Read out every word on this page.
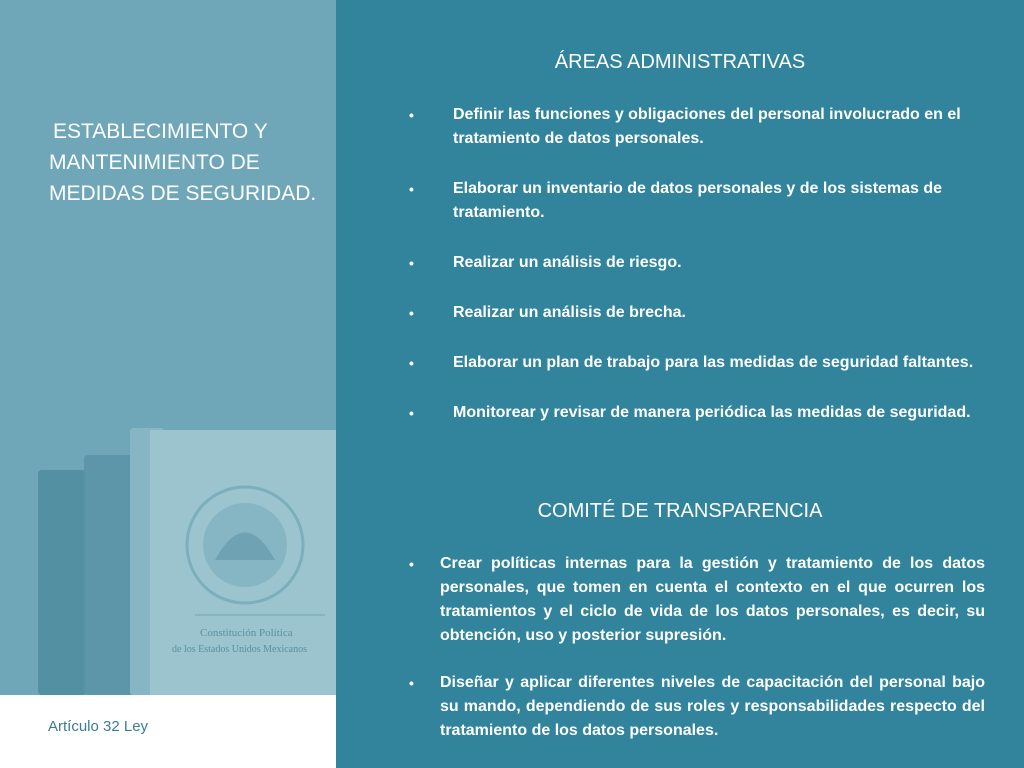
Constitución Política
de los Estados Unidos Mexicanos
ESTABLECIMIENTO Y MANTENIMIENTO DE MEDIDAS DE SEGURIDAD.
Artículo 32 Ley
ÁREAS ADMINISTRATIVAS
• Definir las funciones y obligaciones del personal involucrado en el tratamiento de datos personales.
• Elaborar un inventario de datos personales y de los sistemas de tratamiento.
• Realizar un análisis de riesgo.
• Realizar un análisis de brecha.
• Elaborar un plan de trabajo para las medidas de seguridad faltantes.
• Monitorear y revisar de manera periódica las medidas de seguridad.
COMITÉ DE TRANSPARENCIA
• Crear políticas internas para la gestión y tratamiento de los datos personales, que tomen en cuenta el contexto en el que ocurren los tratamientos y el ciclo de vida de los datos personales, es decir, su obtención, uso y posterior supresión.
• Diseñar y aplicar diferentes niveles de capacitación del personal bajo su mando, dependiendo de sus roles y responsabilidades respecto del tratamiento de los datos personales.
